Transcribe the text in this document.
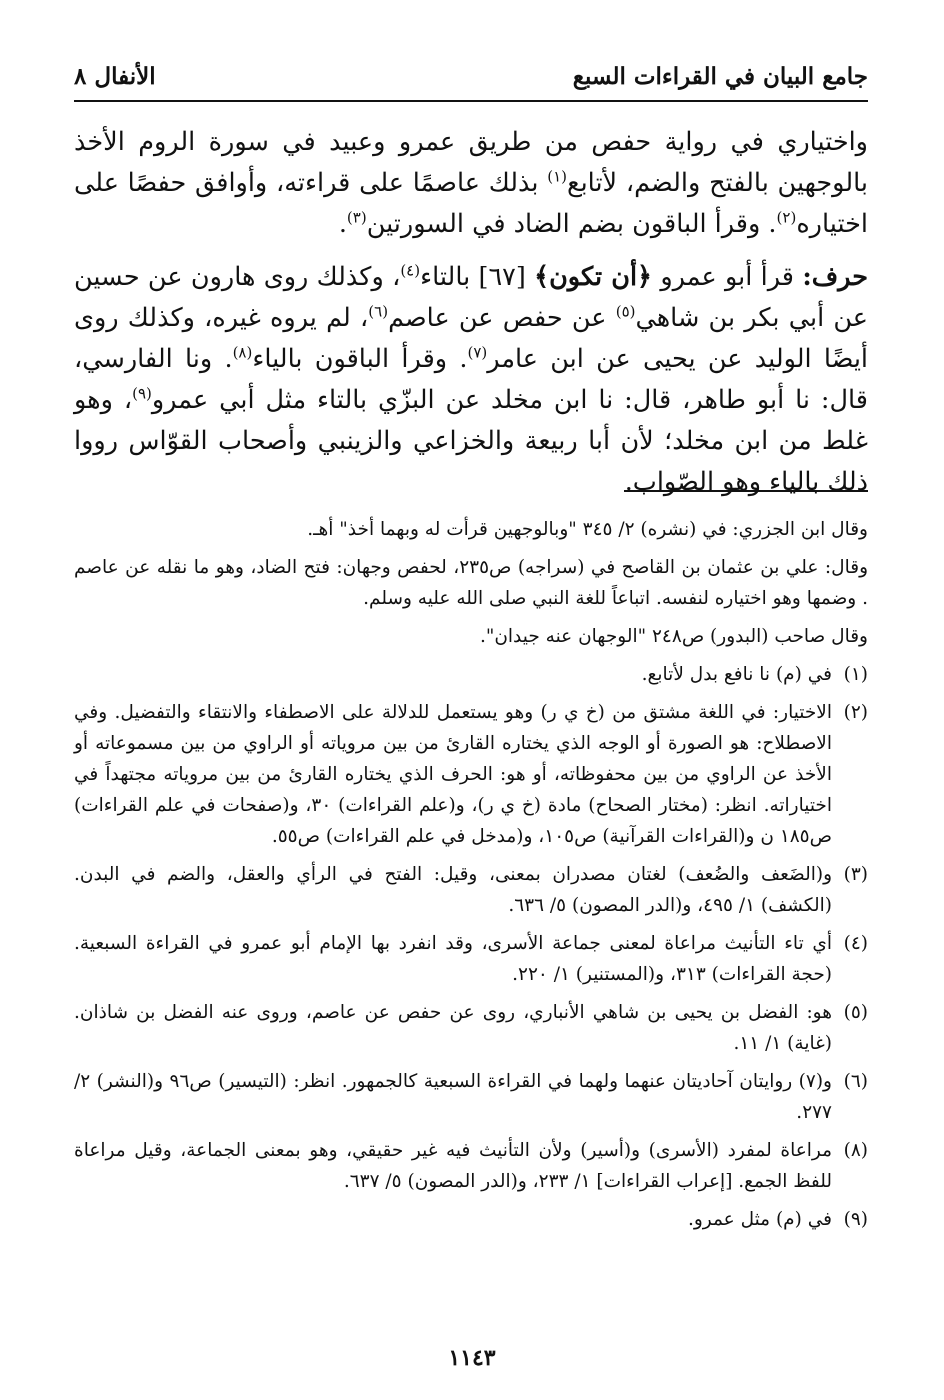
جامع البيان في القراءات السبع
الأنفال ٨

واختياري في رواية حفص من طريق عمرو وعبيد في سورة الروم الأخذ بالوجهين بالفتح والضم، لأتابع$^{(١)}$ بذلك عاصمًا على قراءته، وأوافق حفصًا على اختياره$^{(٢)}$. وقرأ الباقون بضم الضاد في السورتين$^{(٣)}$.

حرف: قرأ أبو عمرو ﴿أن تكون﴾ [٦٧] بالتاء$^{(٤)}$، وكذلك روى هارون عن حسين عن أبي بكر بن شاهي$^{(٥)}$ عن حفص عن عاصم$^{(٦)}$، لم يروه غيره، وكذلك روى أيضًا الوليد عن يحيى عن ابن عامر$^{(٧)}$. وقرأ الباقون بالياء$^{(٨)}$. ونا الفارسي، قال: نا أبو طاهر، قال: نا ابن مخلد عن البزّي بالتاء مثل أبي عمرو$^{(٩)}$، وهو غلط من ابن مخلد؛ لأن أبا ربيعة والخزاعي والزينبي وأصحاب القوّاس رووا ذلك بالياء وهو الصّواب.

وقال ابن الجزري: في (نشره) ٢/ ٣٤٥ "وبالوجهين قرأت له وبهما أخذ" أهـ.

وقال: علي بن عثمان بن القاصح في (سراجه) ص٢٣٥، لحفص وجهان: فتح الضاد، وهو ما نقله عن عاصم . وضمها وهو اختياره لنفسه. اتباعاً للغة النبي صلى الله عليه وسلم.

وقال صاحب (البدور) ص٢٤٨ "الوجهان عنه جيدان".

(١)
في (م) نا نافع بدل لأتابع.
(٢)
الاختيار: في اللغة مشتق من (خ ي ر) وهو يستعمل للدلالة على الاصطفاء والانتقاء والتفضيل. وفي الاصطلاح: هو الصورة أو الوجه الذي يختاره القارئ من بين مروياته أو الراوي من بين مسموعاته أو الأخذ عن الراوي من بين محفوظاته، أو هو: الحرف الذي يختاره القارئ من بين مروياته مجتهداً في اختياراته. انظر: (مختار الصحاح) مادة (خ ي ر)، و(علم القراءات) ٣٠، و(صفحات في علم القراءات) ص١٨٥ ن و(القراءات القرآنية) ص١٠٥، و(مدخل في علم القراءات) ص٥٥.
(٣)
و(الضَعف والضُعف) لغتان مصدران بمعنى، وقيل: الفتح في الرأي والعقل، والضم في البدن. (الكشف) ١/ ٤٩٥، و(الدر المصون) ٥/ ٦٣٦.
(٤)
أي تاء التأنيث مراعاة لمعنى جماعة الأسرى، وقد انفرد بها الإمام أبو عمرو في القراءة السبعية. (حجة القراءات) ٣١٣، و(المستنير) ١/ ٢٢٠.
(٥)
هو: الفضل بن يحيى بن شاهي الأنباري، روى عن حفص عن عاصم، وروى عنه الفضل بن شاذان. (غاية) ١/ ١١.
(٦)
و(٧) روايتان آحاديتان عنهما ولهما في القراءة السبعية كالجمهور. انظر: (التيسير) ص٩٦ و(النشر) ٢/ ٢٧٧.
(٨)
مراعاة لمفرد (الأسرى) و(أسير) ولأن التأنيث فيه غير حقيقي، وهو بمعنى الجماعة، وقيل مراعاة للفظ الجمع. [إعراب القراءات] ١/ ٢٣٣، و(الدر المصون) ٥/ ٦٣٧.
(٩)
في (م) مثل عمرو.
١١٤٣
